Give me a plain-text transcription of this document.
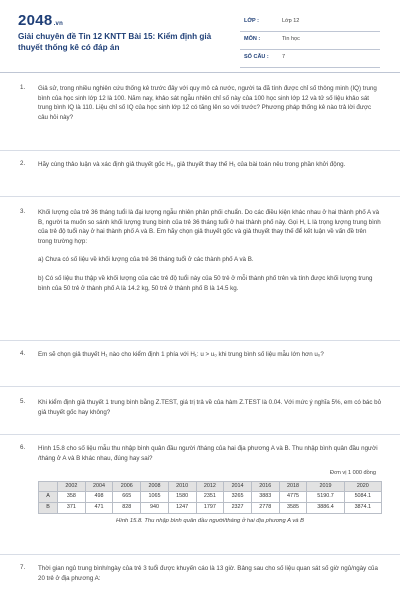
2048.vn
Giải chuyên đề Tin 12 KNTT Bài 15: Kiểm định giả thuyết thống kê có đáp án
LỚP :	Lớp 12
MÔN :	Tin học
SỐ CÂU : 7
1. Giả sử, trong nhiều nghiên cứu thống kê trước đây với quy mô cả nước, người ta đã tính được chỉ số thông minh (IQ) trung bình của học sinh lớp 12 là 100. Năm nay, khảo sát ngẫu nhiên chỉ số này của 100 học sinh lớp 12 và tử số liệu khảo sát trung bình IQ là 110. Liệu chỉ số IQ của học sinh lớp 12 có tăng lên so với trước? Phương pháp thống kê nào trả lời được câu hỏi này?

2. Hãy cùng thảo luận và xác định giả thuyết gốc H₀, giả thuyết thay thế H₁ của bài toán nêu trong phần khởi động.

3. Khối lượng của trẻ 36 tháng tuổi là đại lượng ngẫu nhiên phân phối chuẩn. Do các điều kiện khác nhau ở hai thành phố A và B, người ta muốn so sánh khối lượng trung bình của trẻ 36 tháng tuổi ở hai thành phố này. Gọi H, L là trọng lượng trung bình của trẻ độ tuổi này ở hai thành phố A và B. Em hãy chọn giả thuyết gốc và giả thuyết thay thế để kết luận về vấn đề trên trong trường hợp:

a) Chưa có số liệu về khối lượng của trẻ 36 tháng tuổi ở các thành phố A và B.

b) Có số liệu thu thập về khối lượng của các trẻ độ tuổi này của 50 trẻ ở mỗi thành phố trên và tính được khối lượng trung bình của 50 trẻ ở thành phố A là 14.2 kg, 50 trẻ ở thành phố B là 14.5 kg.

4. Em sẽ chọn giả thuyết H₁ nào cho kiểm định 1 phía với H₁: u > u₀ khi trung bình số liệu mẫu lớn hơn u₀?

5. Khi kiểm định giả thuyết 1 trung bình bằng Z.TEST, giá trị trả về của hàm Z.TEST là 0.04. Với mức ý nghĩa 5%, em có bác bỏ giả thuyết gốc hay không?

6. Hình 15.8 cho số liệu mẫu thu nhập bình quân đầu người /tháng của hai địa phương A và B. Thu nhập bình quân đầu người /tháng ở A và B khác nhau, đúng hay sai?

Đơn vị 1 000 đồng
	2002	2004	2006	2008	2010	2012	2014	2016	2018	2019	2020
A	358	498	665	1065	1580	2351	3265	3883	4775	5190.7	5084.1
B	371	471	828	940	1247	1797	2327	2778	3585	3886.4	3874.1
Hình 15.8. Thu nhập bình quân đầu người/tháng ở hai địa phương A và B
7. Thời gian ngủ trung bình/ngày của trẻ 3 tuổi được khuyến cáo là 13 giờ. Bảng sau cho số liệu quan sát số giờ ngủ/ngày của 20 trẻ ở địa phương A:
